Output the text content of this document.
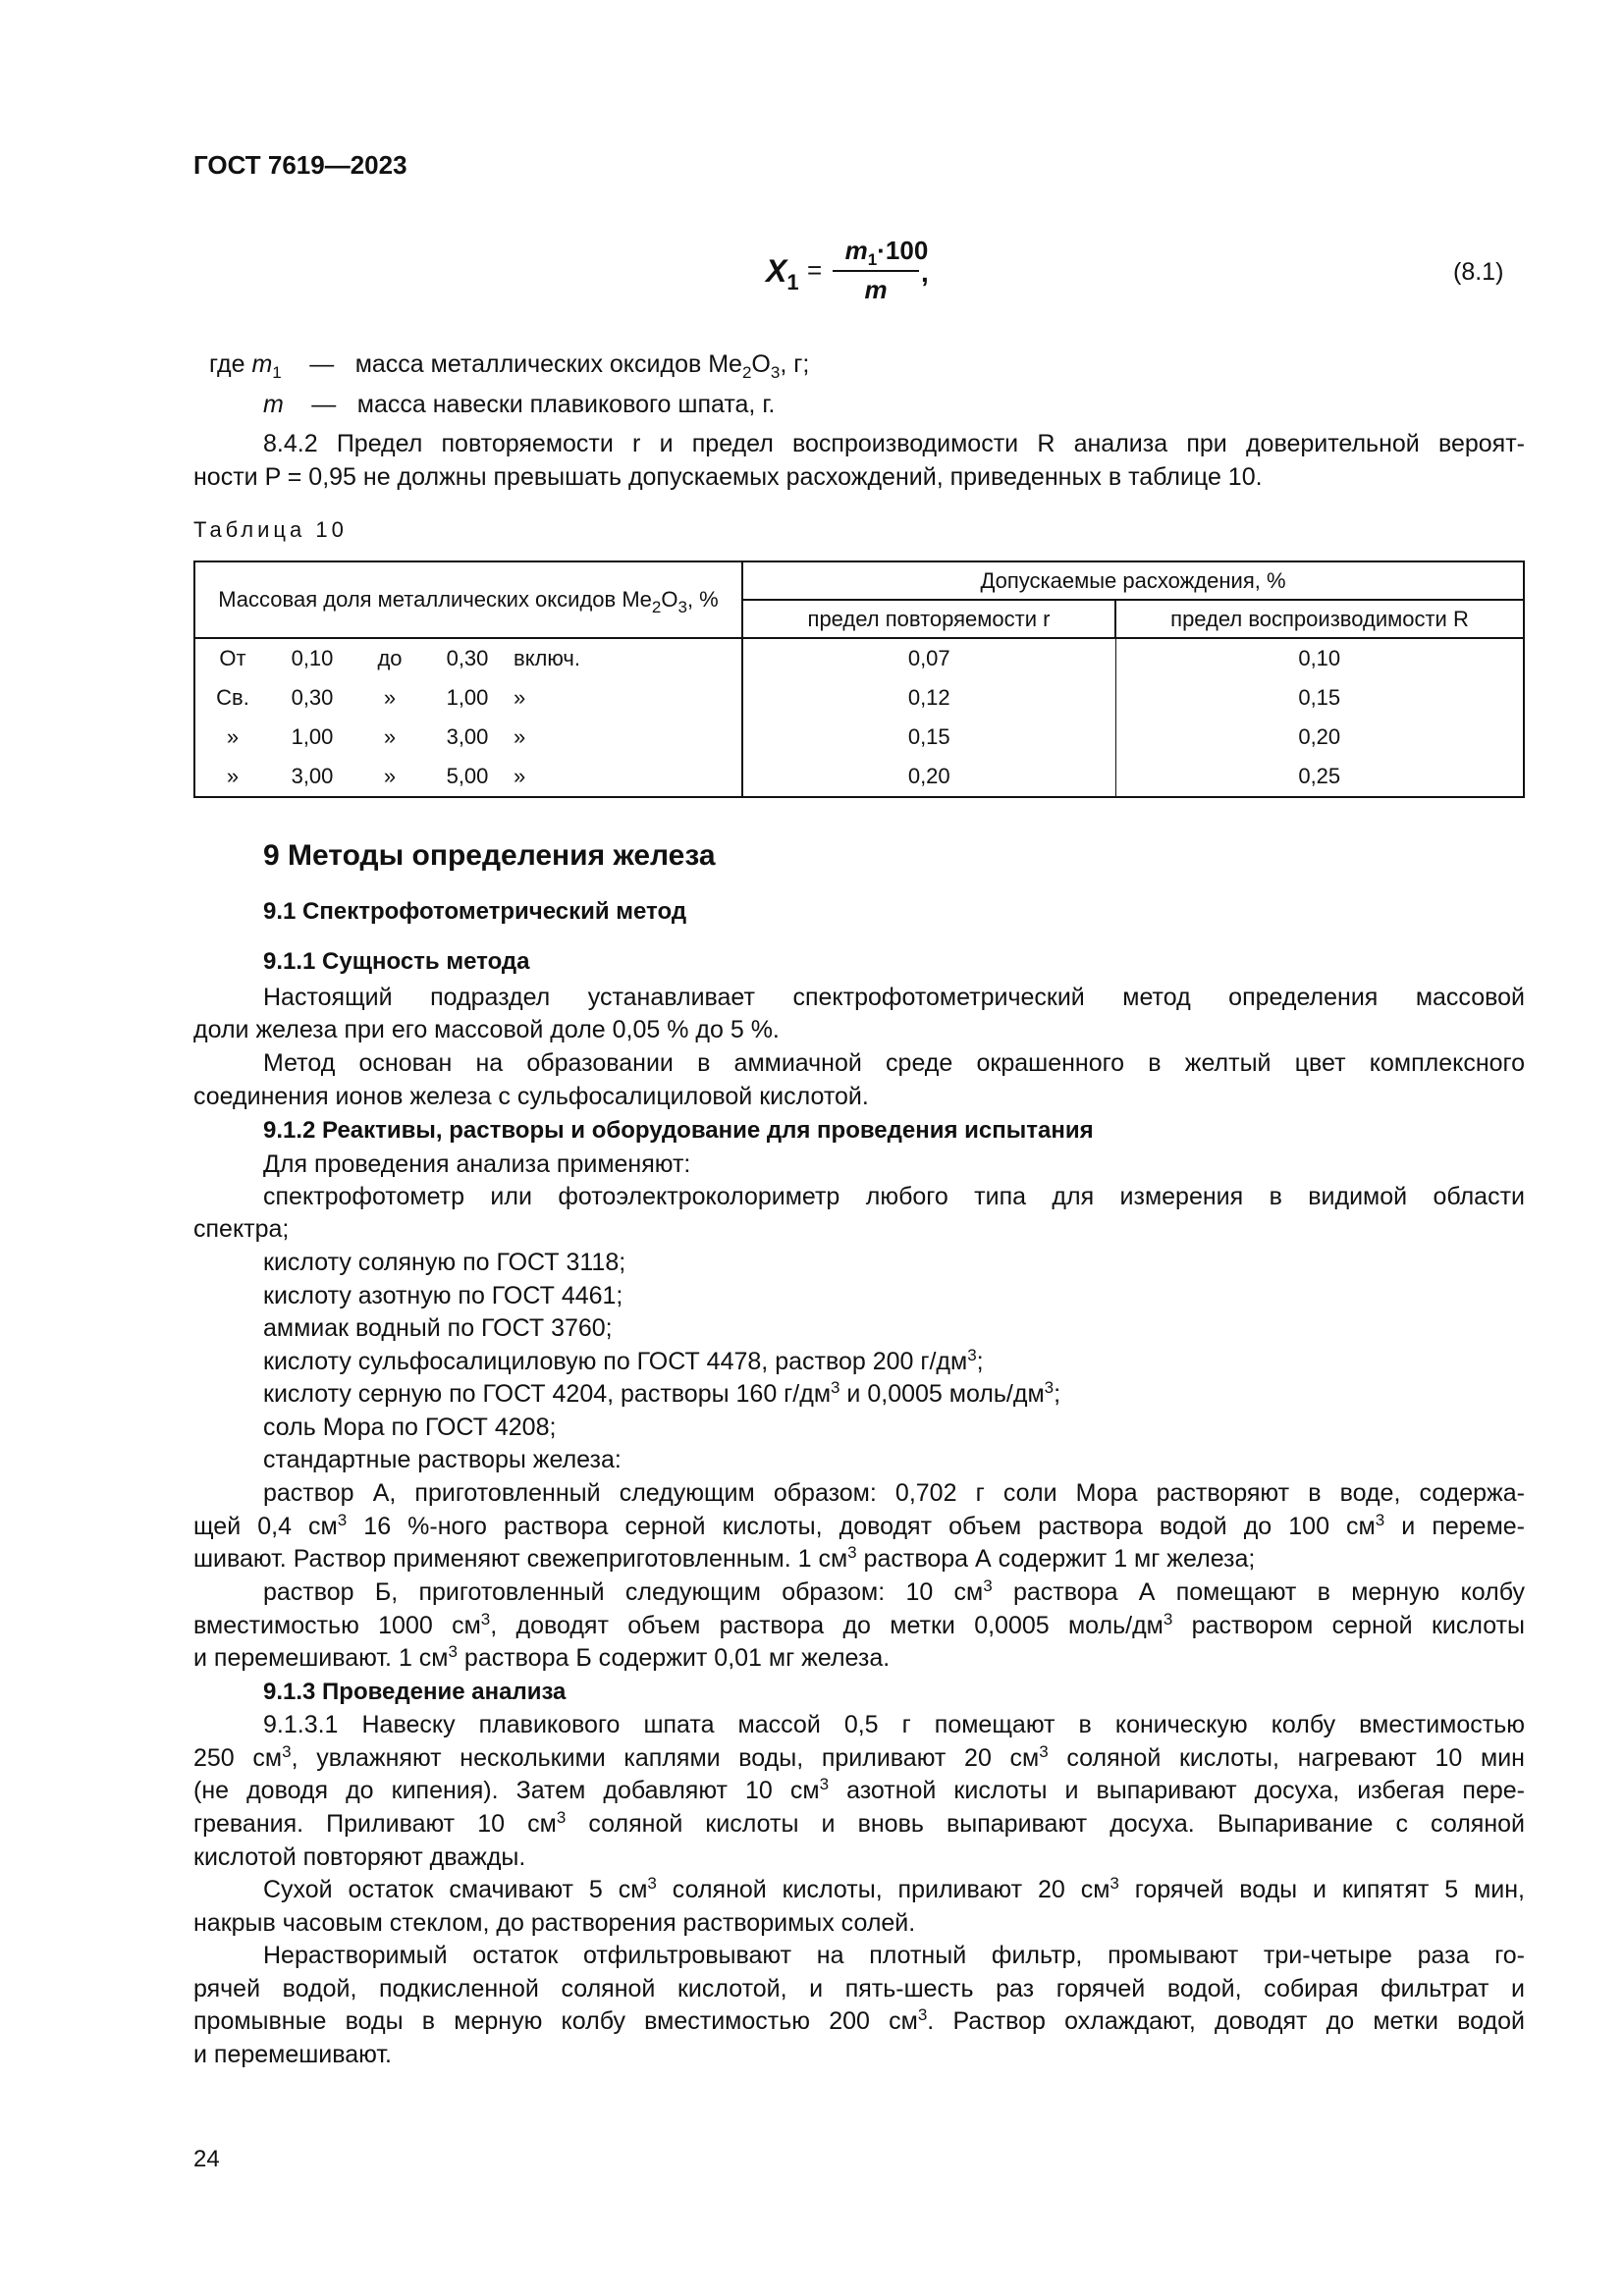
ГОСТ 7619—2023
$X_1$ =
$m_1\cdot 100$
m
,	(8.1)
где $m_1$ — масса металлических оксидов $Me_2O_3$, г;
m — масса навески плавикового шпата, г.
8.4.2 Предел повторяемости r и предел воспроизводимости R анализа при доверительной вероят-
ности P = 0,95 не должны превышать допускаемых расхождений, приведенных в таблице 10.
Таблица 10
Массовая доля металлических оксидов $Me_2O_3$, %	Допускаемые расхождения, %	
	предел повторяемости r	предел воспроизводимости R

От 0,10 до 0,30 включ.	0,07	0,10

Св. 0,30 » 1,00 »	0,12	0,15

» 1,00 » 3,00 »	0,15	0,20

» 3,00 » 5,00 »	0,20	0,25
9 Методы определения железа
9.1 Спектрофотометрический метод
9.1.1 Сущность метода
Настоящий подраздел устанавливает спектрофотометрический метод определения массовой
доли железа при его массовой доле 0,05 % до 5 %.
Метод основан на образовании в аммиачной среде окрашенного в желтый цвет комплексного
соединения ионов железа с сульфосалициловой кислотой.
9.1.2 Реактивы, растворы и оборудование для проведения испытания
Для проведения анализа применяют:
спектрофотометр или фотоэлектроколориметр любого типа для измерения в видимой области
спектра;
кислоту соляную по ГОСТ 3118;
кислоту азотную по ГОСТ 4461;
аммиак водный по ГОСТ 3760;
кислоту сульфосалициловую по ГОСТ 4478, раствор 200 $г/дм^3$;
кислоту серную по ГОСТ 4204, растворы 160 $г/дм^3$ и 0,0005 моль/$дм^3$;
соль Мора по ГОСТ 4208;
стандартные растворы железа:
раствор А, приготовленный следующим образом: 0,702 г соли Мора растворяют в воде, содержа-
щей 0,4 $см^3$ 16 %-ного раствора серной кислоты, доводят объем раствора водой до 100 $см^3$ и переме-
шивают. Раствор применяют свежеприготовленным. 1 $см^3$ раствора А содержит 1 мг железа;
раствор Б, приготовленный следующим образом: 10 $см^3$ раствора А помещают в мерную колбу
вместимостью 1000 $см^3$, доводят объем раствора до метки 0,0005 моль/$дм^3$ раствором серной кислоты
и перемешивают. 1 $см^3$ раствора Б содержит 0,01 мг железа.
9.1.3 Проведение анализа
9.1.3.1 Навеску плавикового шпата массой 0,5 г помещают в коническую колбу вместимостью
250 $см^3$, увлажняют несколькими каплями воды, приливают 20 $см^3$ соляной кислоты, нагревают 10 мин
(не доводя до кипения). Затем добавляют 10 $см^3$ азотной кислоты и выпаривают досуха, избегая пере-
гревания. Приливают 10 $см^3$ соляной кислоты и вновь выпаривают досуха. Выпаривание с соляной
кислотой повторяют дважды.
Сухой остаток смачивают 5 $см^3$ соляной кислоты, приливают 20 $см^3$ горячей воды и кипятят 5 мин,
накрыв часовым стеклом, до растворения растворимых солей.
Нерастворимый остаток отфильтровывают на плотный фильтр, промывают три-четыре раза го-
рячей водой, подкисленной соляной кислотой, и пять-шесть раз горячей водой, собирая фильтрат и
промывные воды в мерную колбу вместимостью 200 $см^3$. Раствор охлаждают, доводят до метки водой
и перемешивают.
24
